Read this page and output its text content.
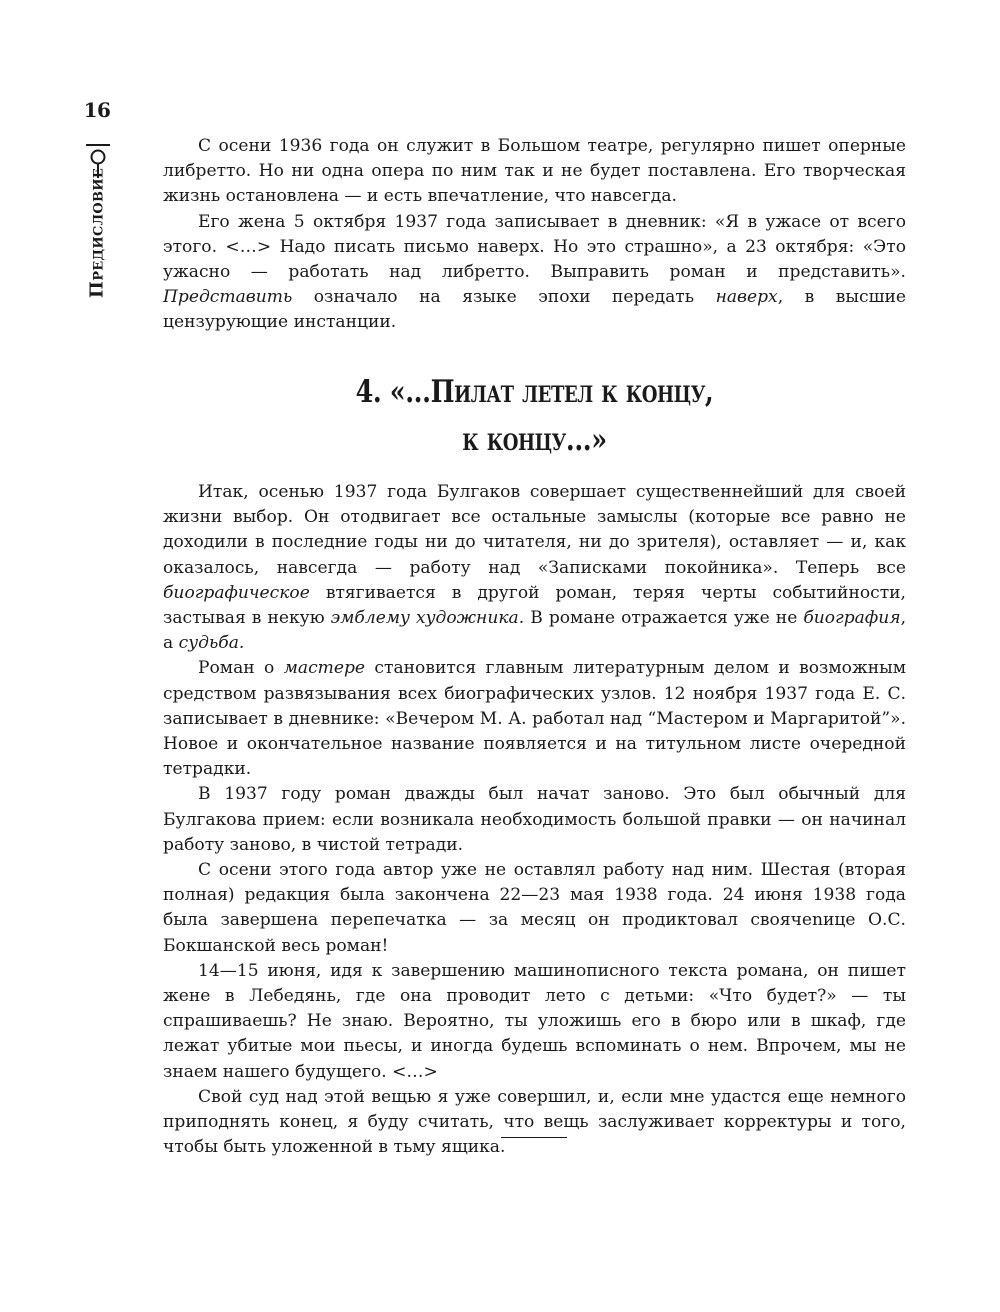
16
Предисловие

С осени 1936 года он служит в Большом театре, регулярно пишет оперные либретто. Но ни одна опера по ним так и не будет поставлена. Его творческая жизнь остановлена — и есть впечатление, что навсегда.

Его жена 5 октября 1937 года записывает в дневник: «Я в ужасе от всего этого. <…> Надо писать письмо наверх. Но это страшно», а 23 октября: «Это ужасно — работать над либретто. Выправить роман и представить». Представить означало на языке эпохи передать наверх, в высшие цензурующие инстанции.

4. «...Пилат летел к концу,
к концу...»

Итак, осенью 1937 года Булгаков совершает существеннейший для своей жизни выбор. Он отодвигает все остальные замыслы (которые все равно не доходили в последние годы ни до читателя, ни до зрителя), оставляет — и, как оказалось, навсегда — работу над «Записками покойника». Теперь все биографическое втягивается в другой роман, теряя черты событийности, застывая в некую эмблему художника. В романе отражается уже не биография, а судьба.

Роман о мастере становится главным литературным делом и возможным средством развязывания всех биографических узлов. 12 ноября 1937 года Е. С. записывает в дневнике: «Вечером М. А. работал над “Мастером и Маргаритой”». Новое и окончательное название появляется и на титульном листе очередной тетрадки.

В 1937 году роман дважды был начат заново. Это был обычный для Булгакова прием: если возникала необходимость большой правки — он начинал работу заново, в чистой тетради.

С осени этого года автор уже не оставлял работу над ним. Шестая (вторая полная) редакция была закончена 22—23 мая 1938 года. 24 июня 1938 года была завершена перепечатка — за месяц он продиктовал своячenице О.С. Бокшанской весь роман!

14—15 июня, идя к завершению машинописного текста романа, он пишет жене в Лебедянь, где она проводит лето с детьми: «Что будет?» — ты спрашиваешь? Не знаю. Вероятно, ты уложишь его в бюро или в шкаф, где лежат убитые мои пьесы, и иногда будешь вспоминать о нем. Впрочем, мы не знаем нашего будущего. <…>

Свой суд над этой вещью я уже совершил, и, если мне удастся еще немного приподнять конец, я буду считать, что вещь заслуживает корректуры и того, чтобы быть уложенной в тьму ящика.
